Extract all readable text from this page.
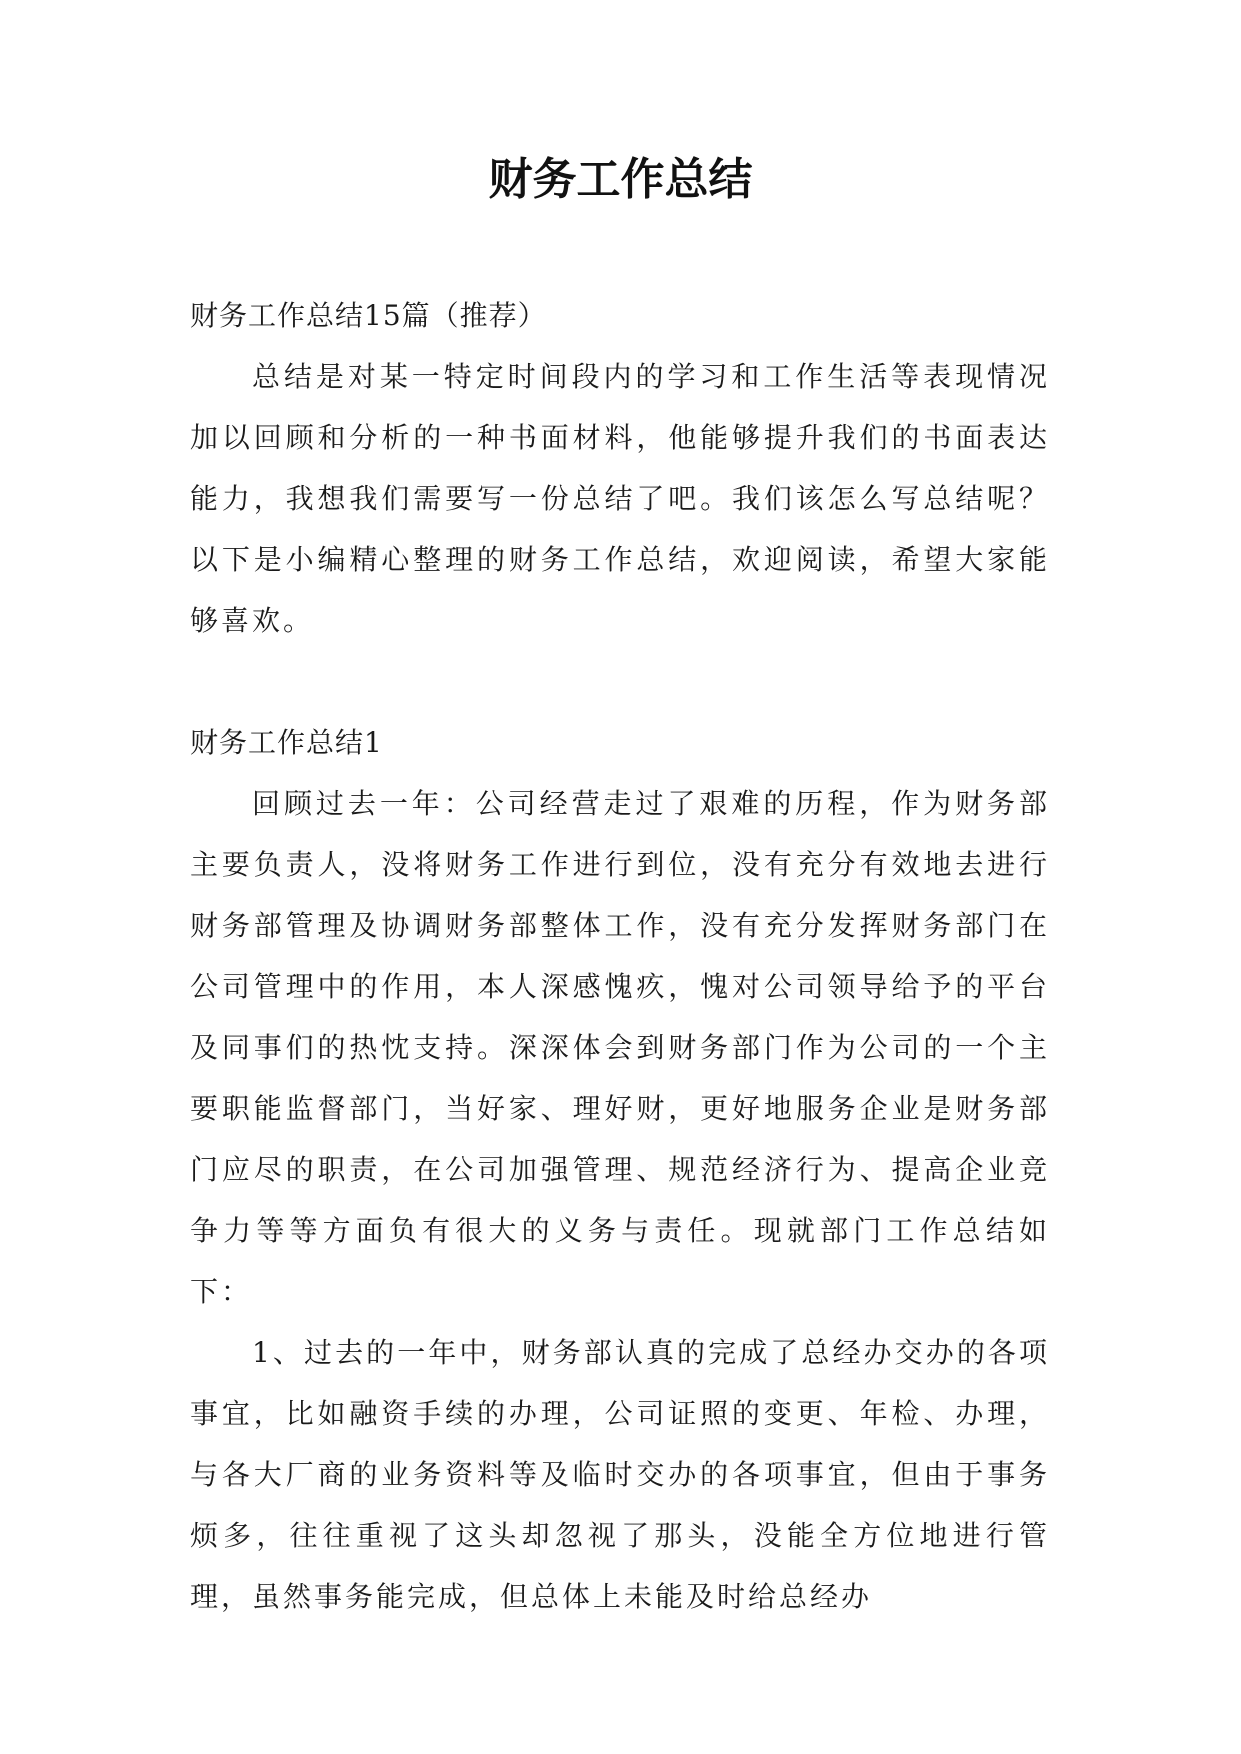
财务工作总结

财务工作总结15篇（推荐）

总结是对某一特定时间段内的学习和工作生活等表现情况加以回顾和分析的一种书面材料，他能够提升我们的书面表达能力，我想我们需要写一份总结了吧。我们该怎么写总结呢？以下是小编精心整理的财务工作总结，欢迎阅读，希望大家能够喜欢。

财务工作总结1

回顾过去一年：公司经营走过了艰难的历程，作为财务部主要负责人，没将财务工作进行到位，没有充分有效地去进行财务部管理及协调财务部整体工作，没有充分发挥财务部门在公司管理中的作用，本人深感愧疚，愧对公司领导给予的平台及同事们的热忱支持。深深体会到财务部门作为公司的一个主要职能监督部门，当好家、理好财，更好地服务企业是财务部门应尽的职责，在公司加强管理、规范经济行为、提高企业竞争力等等方面负有很大的义务与责任。现就部门工作总结如下：

1、过去的一年中，财务部认真的完成了总经办交办的各项事宜，比如融资手续的办理，公司证照的变更、年检、办理，与各大厂商的业务资料等及临时交办的各项事宜，但由于事务烦多，往往重视了这头却忽视了那头，没能全方位地进行管理，虽然事务能完成，但总体上未能及时给总经办
